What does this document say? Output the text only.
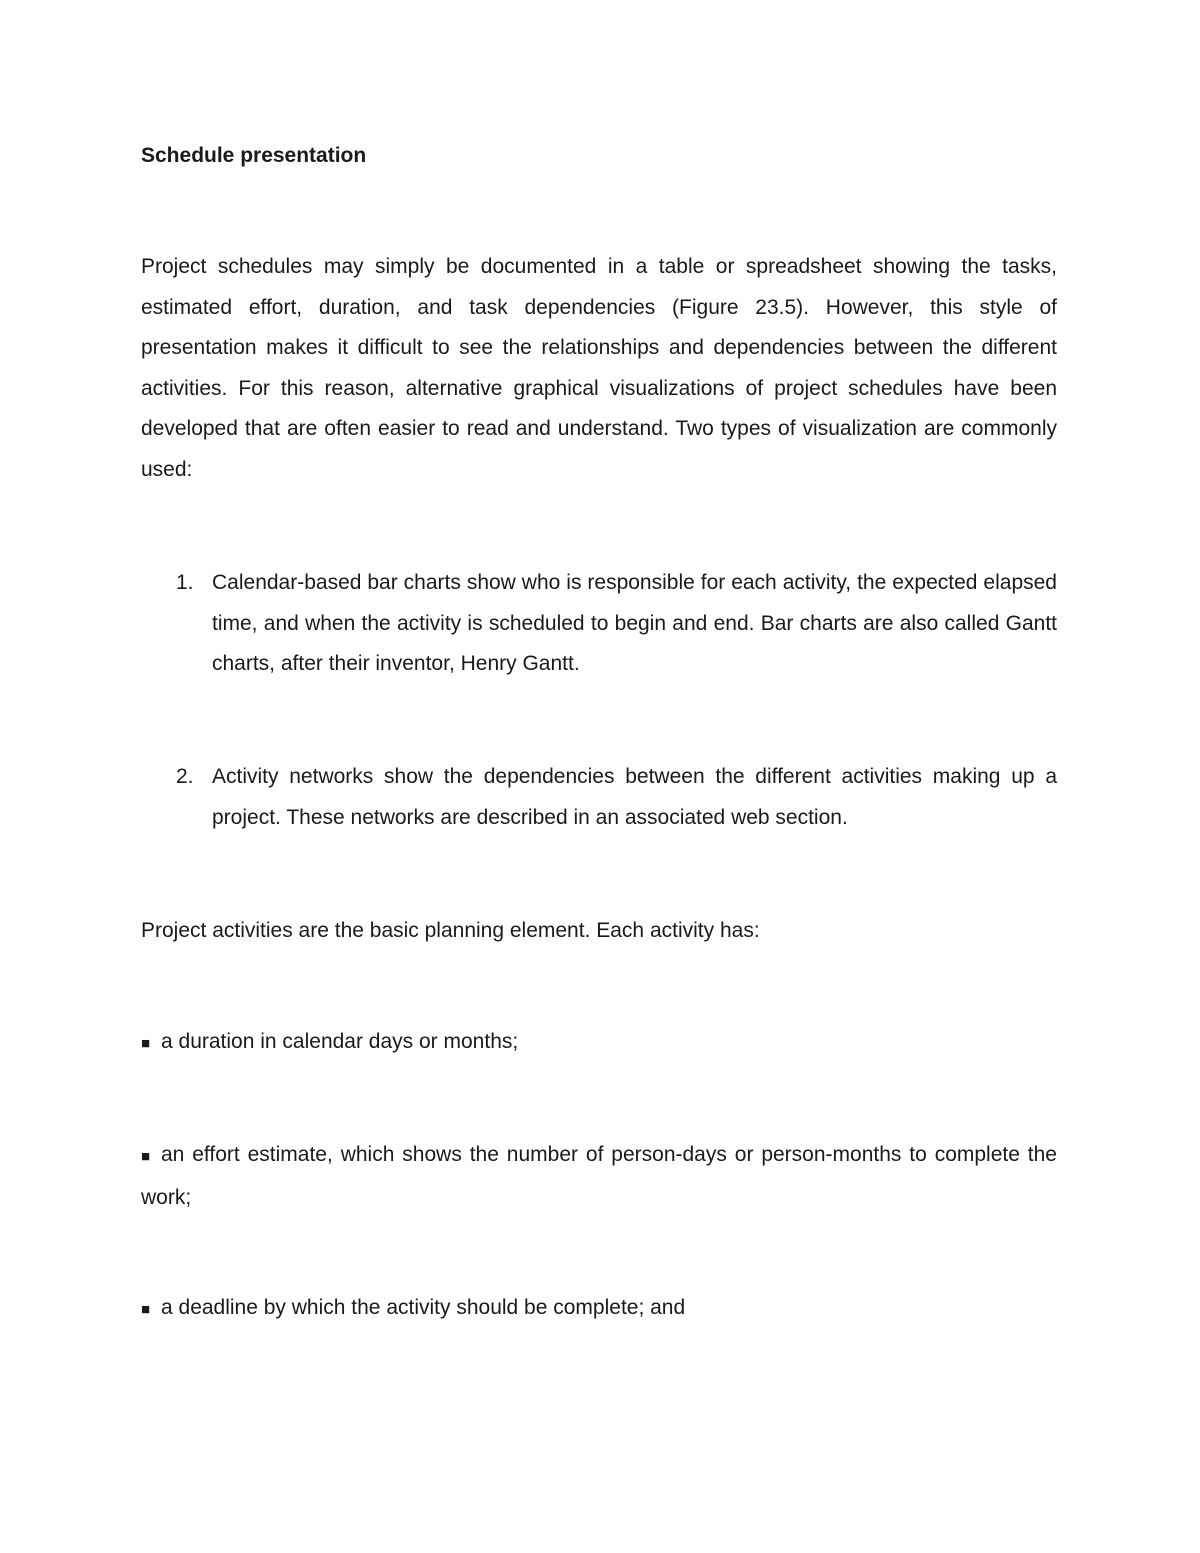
Schedule presentation

Project schedules may simply be documented in a table or spreadsheet showing the tasks, estimated effort, duration, and task dependencies (Figure 23.5). However, this style of presentation makes it difficult to see the relationships and dependencies between the different activities. For this reason, alternative graphical visualizations of project schedules have been developed that are often easier to read and understand. Two types of visualization are commonly used:

1. Calendar-based bar charts show who is responsible for each activity, the expected elapsed time, and when the activity is scheduled to begin and end. Bar charts are also called Gantt charts, after their inventor, Henry Gantt.
2. Activity networks show the dependencies between the different activities making up a project. These networks are described in an associated web section.

Project activities are the basic planning element. Each activity has:

■ a duration in calendar days or months;

■ an effort estimate, which shows the number of person-days or person-months to complete the work;

■ a deadline by which the activity should be complete; and
